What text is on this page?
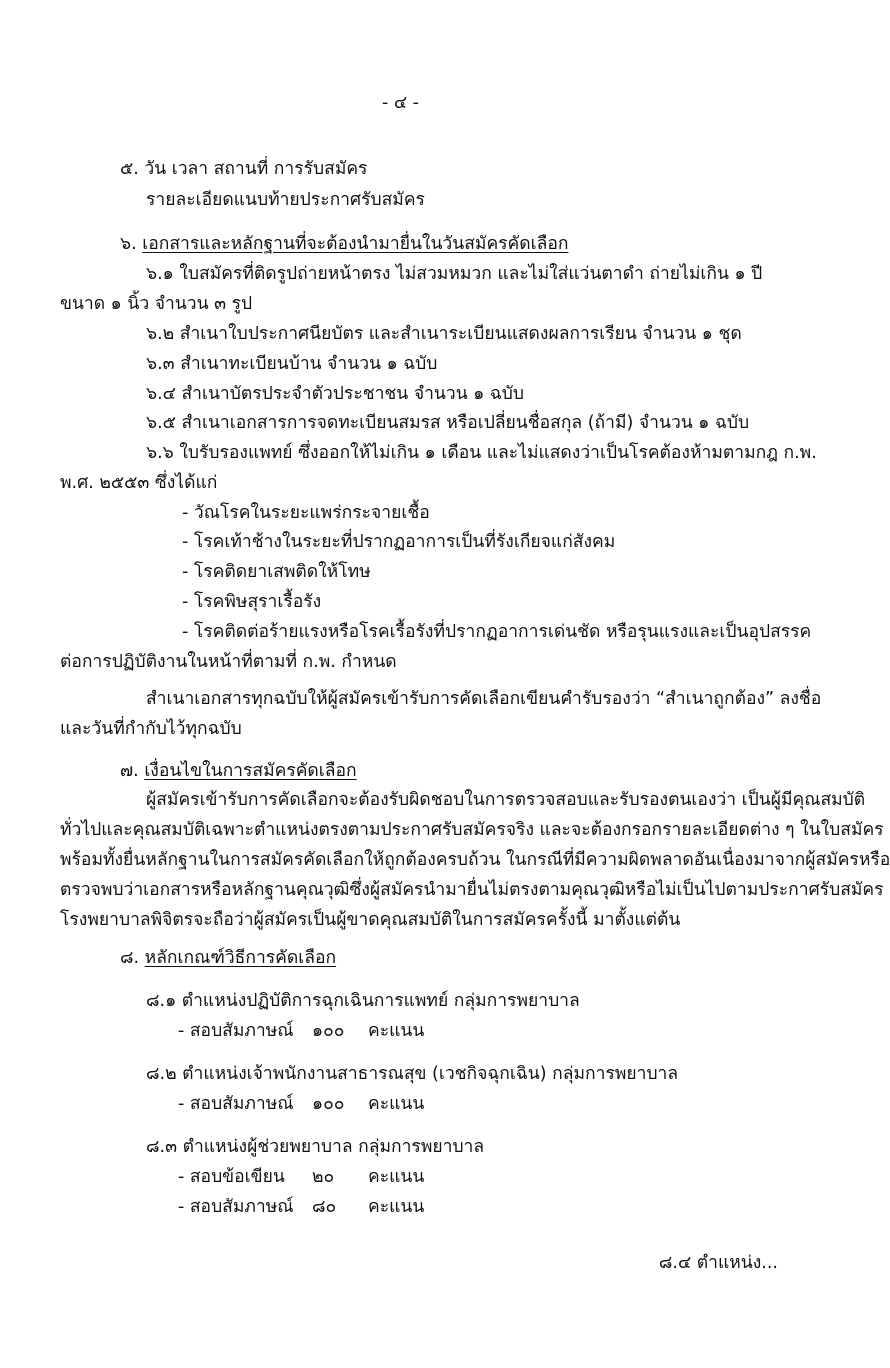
- ๔ -
๕. วัน เวลา สถานที่ การรับสมัคร
รายละเอียดแนบท้ายประกาศรับสมัคร
๖. เอกสารและหลักฐานที่จะต้องนำมายื่นในวันสมัครคัดเลือก
๖.๑ ใบสมัครที่ติดรูปถ่ายหน้าตรง ไม่สวมหมวก และไม่ใส่แว่นตาดำ ถ่ายไม่เกิน ๑ ปี
ขนาด ๑ นิ้ว จำนวน ๓ รูป
๖.๒ สำเนาใบประกาศนียบัตร และสำเนาระเบียนแสดงผลการเรียน จำนวน ๑ ชุด
๖.๓ สำเนาทะเบียนบ้าน จำนวน ๑ ฉบับ
๖.๔ สำเนาบัตรประจำตัวประชาชน จำนวน ๑ ฉบับ
๖.๕ สำเนาเอกสารการจดทะเบียนสมรส หรือเปลี่ยนชื่อสกุล (ถ้ามี) จำนวน ๑ ฉบับ
๖.๖ ใบรับรองแพทย์ ซึ่งออกให้ไม่เกิน ๑ เดือน และไม่แสดงว่าเป็นโรคต้องห้ามตามกฎ ก.พ.
พ.ศ. ๒๕๕๓ ซึ่งได้แก่
- วัณโรคในระยะแพร่กระจายเชื้อ
- โรคเท้าช้างในระยะที่ปรากฏอาการเป็นที่รังเกียจแก่สังคม
- โรคติดยาเสพติดให้โทษ
- โรคพิษสุราเรื้อรัง
- โรคติดต่อร้ายแรงหรือโรคเรื้อรังที่ปรากฏอาการเด่นชัด หรือรุนแรงและเป็นอุปสรรค
ต่อการปฏิบัติงานในหน้าที่ตามที่ ก.พ. กำหนด
สำเนาเอกสารทุกฉบับให้ผู้สมัครเข้ารับการคัดเลือกเขียนคำรับรองว่า “สำเนาถูกต้อง” ลงชื่อ
และวันที่กำกับไว้ทุกฉบับ
๗. เงื่อนไขในการสมัครคัดเลือก
ผู้สมัครเข้ารับการคัดเลือกจะต้องรับผิดชอบในการตรวจสอบและรับรองตนเองว่า เป็นผู้มีคุณสมบัติ
ทั่วไปและคุณสมบัติเฉพาะตำแหน่งตรงตามประกาศรับสมัครจริง และจะต้องกรอกรายละเอียดต่าง ๆ ในใบสมัคร
พร้อมทั้งยื่นหลักฐานในการสมัครคัดเลือกให้ถูกต้องครบถ้วน ในกรณีที่มีความผิดพลาดอันเนื่องมาจากผู้สมัครหรือ
ตรวจพบว่าเอกสารหรือหลักฐานคุณวุฒิซึ่งผู้สมัครนำมายื่นไม่ตรงตามคุณวุฒิหรือไม่เป็นไปตามประกาศรับสมัคร
โรงพยาบาลพิจิตรจะถือว่าผู้สมัครเป็นผู้ขาดคุณสมบัติในการสมัครครั้งนี้ มาตั้งแต่ต้น
๘. หลักเกณฑ์วิธีการคัดเลือก
๘.๑ ตำแหน่งปฏิบัติการฉุกเฉินการแพทย์ กลุ่มการพยาบาล
- สอบสัมภาษณ์ ๑๐๐ คะแนน
๘.๒ ตำแหน่งเจ้าพนักงานสาธารณสุข (เวชกิจฉุกเฉิน) กลุ่มการพยาบาล
- สอบสัมภาษณ์ ๑๐๐ คะแนน
๘.๓ ตำแหน่งผู้ช่วยพยาบาล กลุ่มการพยาบาล
- สอบข้อเขียน ๒๐ คะแนน
- สอบสัมภาษณ์ ๘๐ คะแนน
๘.๔ ตำแหน่ง...
